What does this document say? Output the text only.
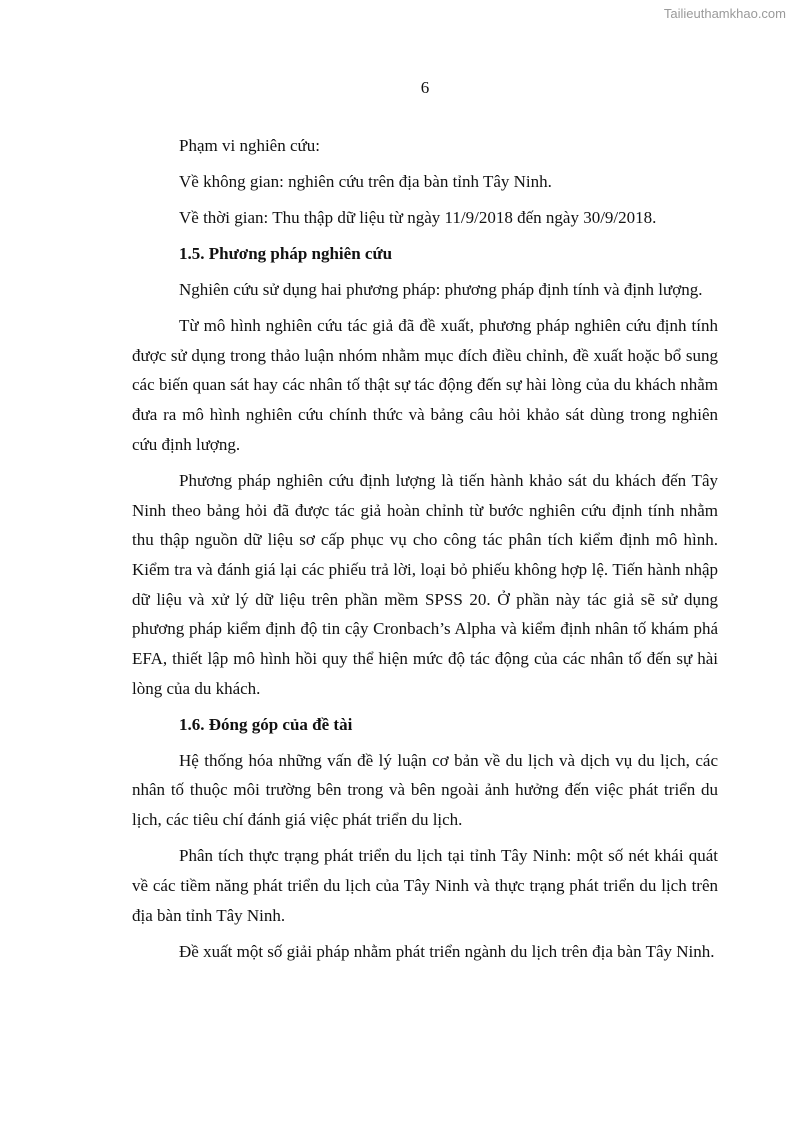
Tailieuthamkhao.com
6

Phạm vi nghiên cứu:

Về không gian: nghiên cứu trên địa bàn tỉnh Tây Ninh.

Về thời gian: Thu thập dữ liệu từ ngày 11/9/2018 đến ngày 30/9/2018.

1.5. Phương pháp nghiên cứu

Nghiên cứu sử dụng hai phương pháp: phương pháp định tính và định lượng.

Từ mô hình nghiên cứu tác giả đã đề xuất, phương pháp nghiên cứu định tính được sử dụng trong thảo luận nhóm nhằm mục đích điều chỉnh, đề xuất hoặc bổ sung các biến quan sát hay các nhân tố thật sự tác động đến sự hài lòng của du khách nhằm đưa ra mô hình nghiên cứu chính thức và bảng câu hỏi khảo sát dùng trong nghiên cứu định lượng.

Phương pháp nghiên cứu định lượng là tiến hành khảo sát du khách đến Tây Ninh theo bảng hỏi đã được tác giả hoàn chỉnh từ bước nghiên cứu định tính nhằm thu thập nguồn dữ liệu sơ cấp phục vụ cho công tác phân tích kiểm định mô hình. Kiểm tra và đánh giá lại các phiếu trả lời, loại bỏ phiếu không hợp lệ. Tiến hành nhập dữ liệu và xử lý dữ liệu trên phần mềm SPSS 20. Ở phần này tác giả sẽ sử dụng phương pháp kiểm định độ tin cậy Cronbach’s Alpha và kiểm định nhân tố khám phá EFA, thiết lập mô hình hồi quy thể hiện mức độ tác động của các nhân tố đến sự hài lòng của du khách.

1.6. Đóng góp của đề tài

Hệ thống hóa những vấn đề lý luận cơ bản về du lịch và dịch vụ du lịch, các nhân tố thuộc môi trường bên trong và bên ngoài ảnh hưởng đến việc phát triển du lịch, các tiêu chí đánh giá việc phát triển du lịch.

Phân tích thực trạng phát triển du lịch tại tỉnh Tây Ninh: một số nét khái quát về các tiềm năng phát triển du lịch của Tây Ninh và thực trạng phát triển du lịch trên địa bàn tỉnh Tây Ninh.

Đề xuất một số giải pháp nhằm phát triển ngành du lịch trên địa bàn Tây Ninh.
